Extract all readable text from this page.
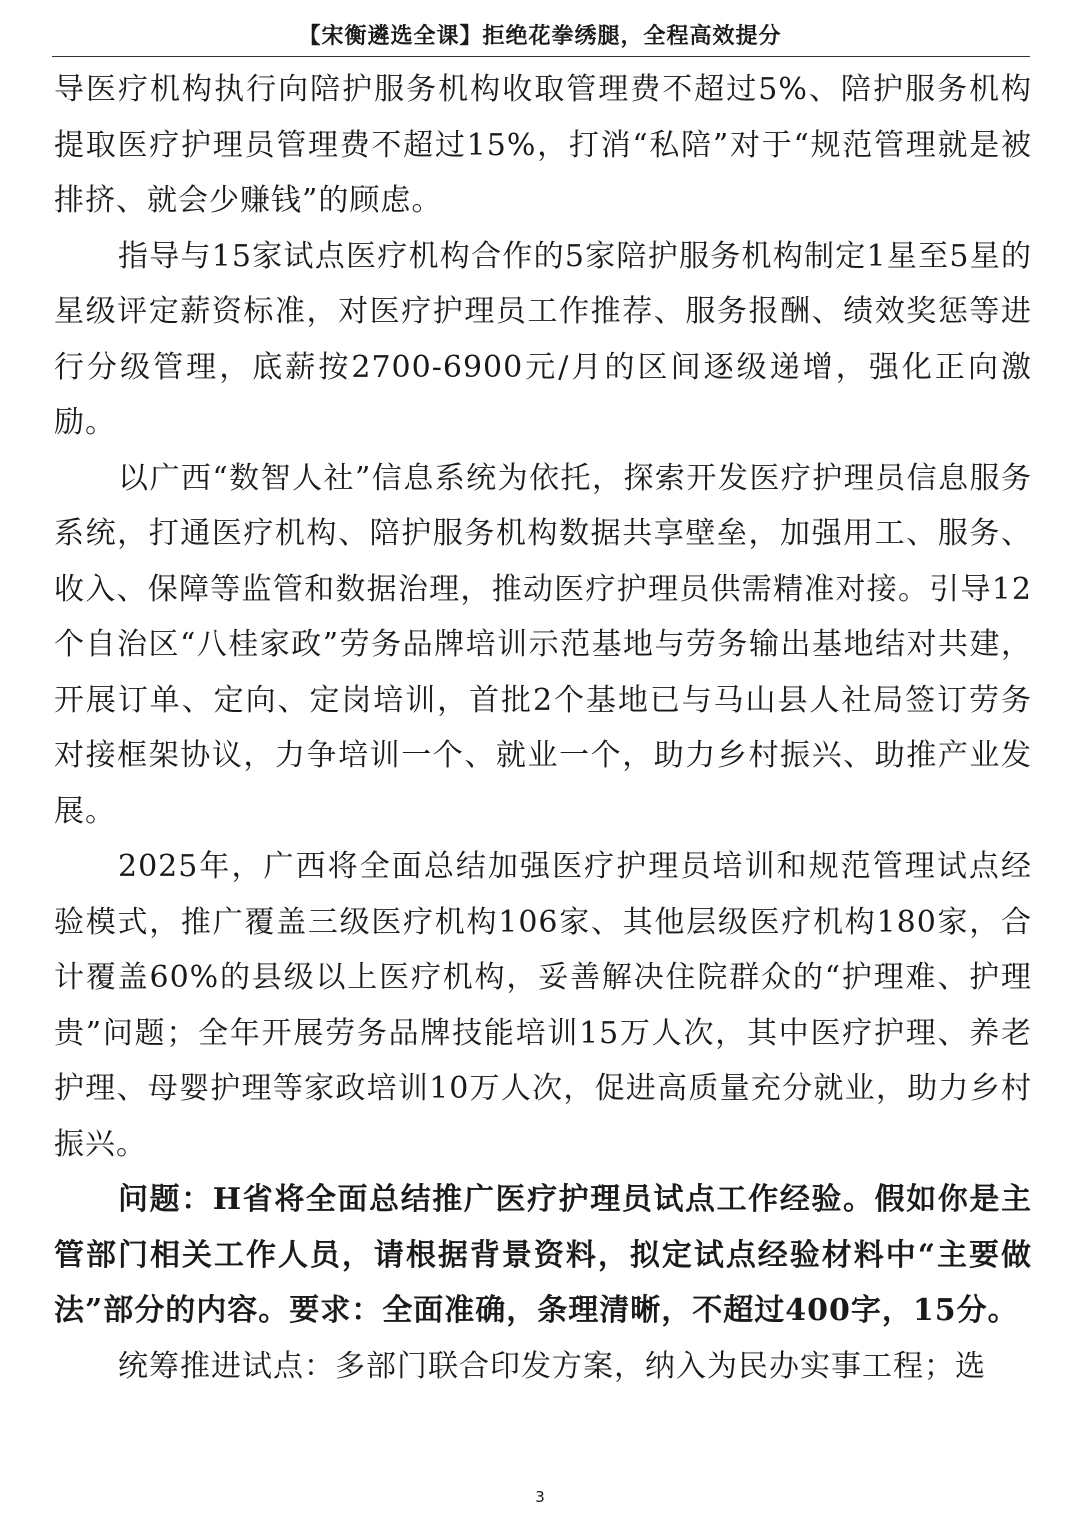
【宋衡遴选全课】拒绝花拳绣腿，全程高效提分

导医疗机构执行向陪护服务机构收取管理费不超过5%、陪护服务机构提取医疗护理员管理费不超过15%，打消“私陪”对于“规范管理就是被排挤、就会少赚钱”的顾虑。

指导与15家试点医疗机构合作的5家陪护服务机构制定1星至5星的星级评定薪资标准，对医疗护理员工作推荐、服务报酬、绩效奖惩等进行分级管理，底薪按2700-6900元/月的区间逐级递增，强化正向激励。

以广西“数智人社”信息系统为依托，探索开发医疗护理员信息服务系统，打通医疗机构、陪护服务机构数据共享壁垒，加强用工、服务、收入、保障等监管和数据治理，推动医疗护理员供需精准对接。引导12个自治区“八桂家政”劳务品牌培训示范基地与劳务输出基地结对共建，开展订单、定向、定岗培训，首批2个基地已与马山县人社局签订劳务对接框架协议，力争培训一个、就业一个，助力乡村振兴、助推产业发展。

2025年，广西将全面总结加强医疗护理员培训和规范管理试点经验模式，推广覆盖三级医疗机构106家、其他层级医疗机构180家，合计覆盖60%的县级以上医疗机构，妥善解决住院群众的“护理难、护理贵”问题；全年开展劳务品牌技能培训15万人次，其中医疗护理、养老护理、母婴护理等家政培训10万人次，促进高质量充分就业，助力乡村振兴。

问题：H省将全面总结推广医疗护理员试点工作经验。假如你是主管部门相关工作人员，请根据背景资料，拟定试点经验材料中“主要做法”部分的内容。要求：全面准确，条理清晰，不超过400字，15分。

统筹推进试点：多部门联合印发方案，纳入为民办实事工程；选

3
